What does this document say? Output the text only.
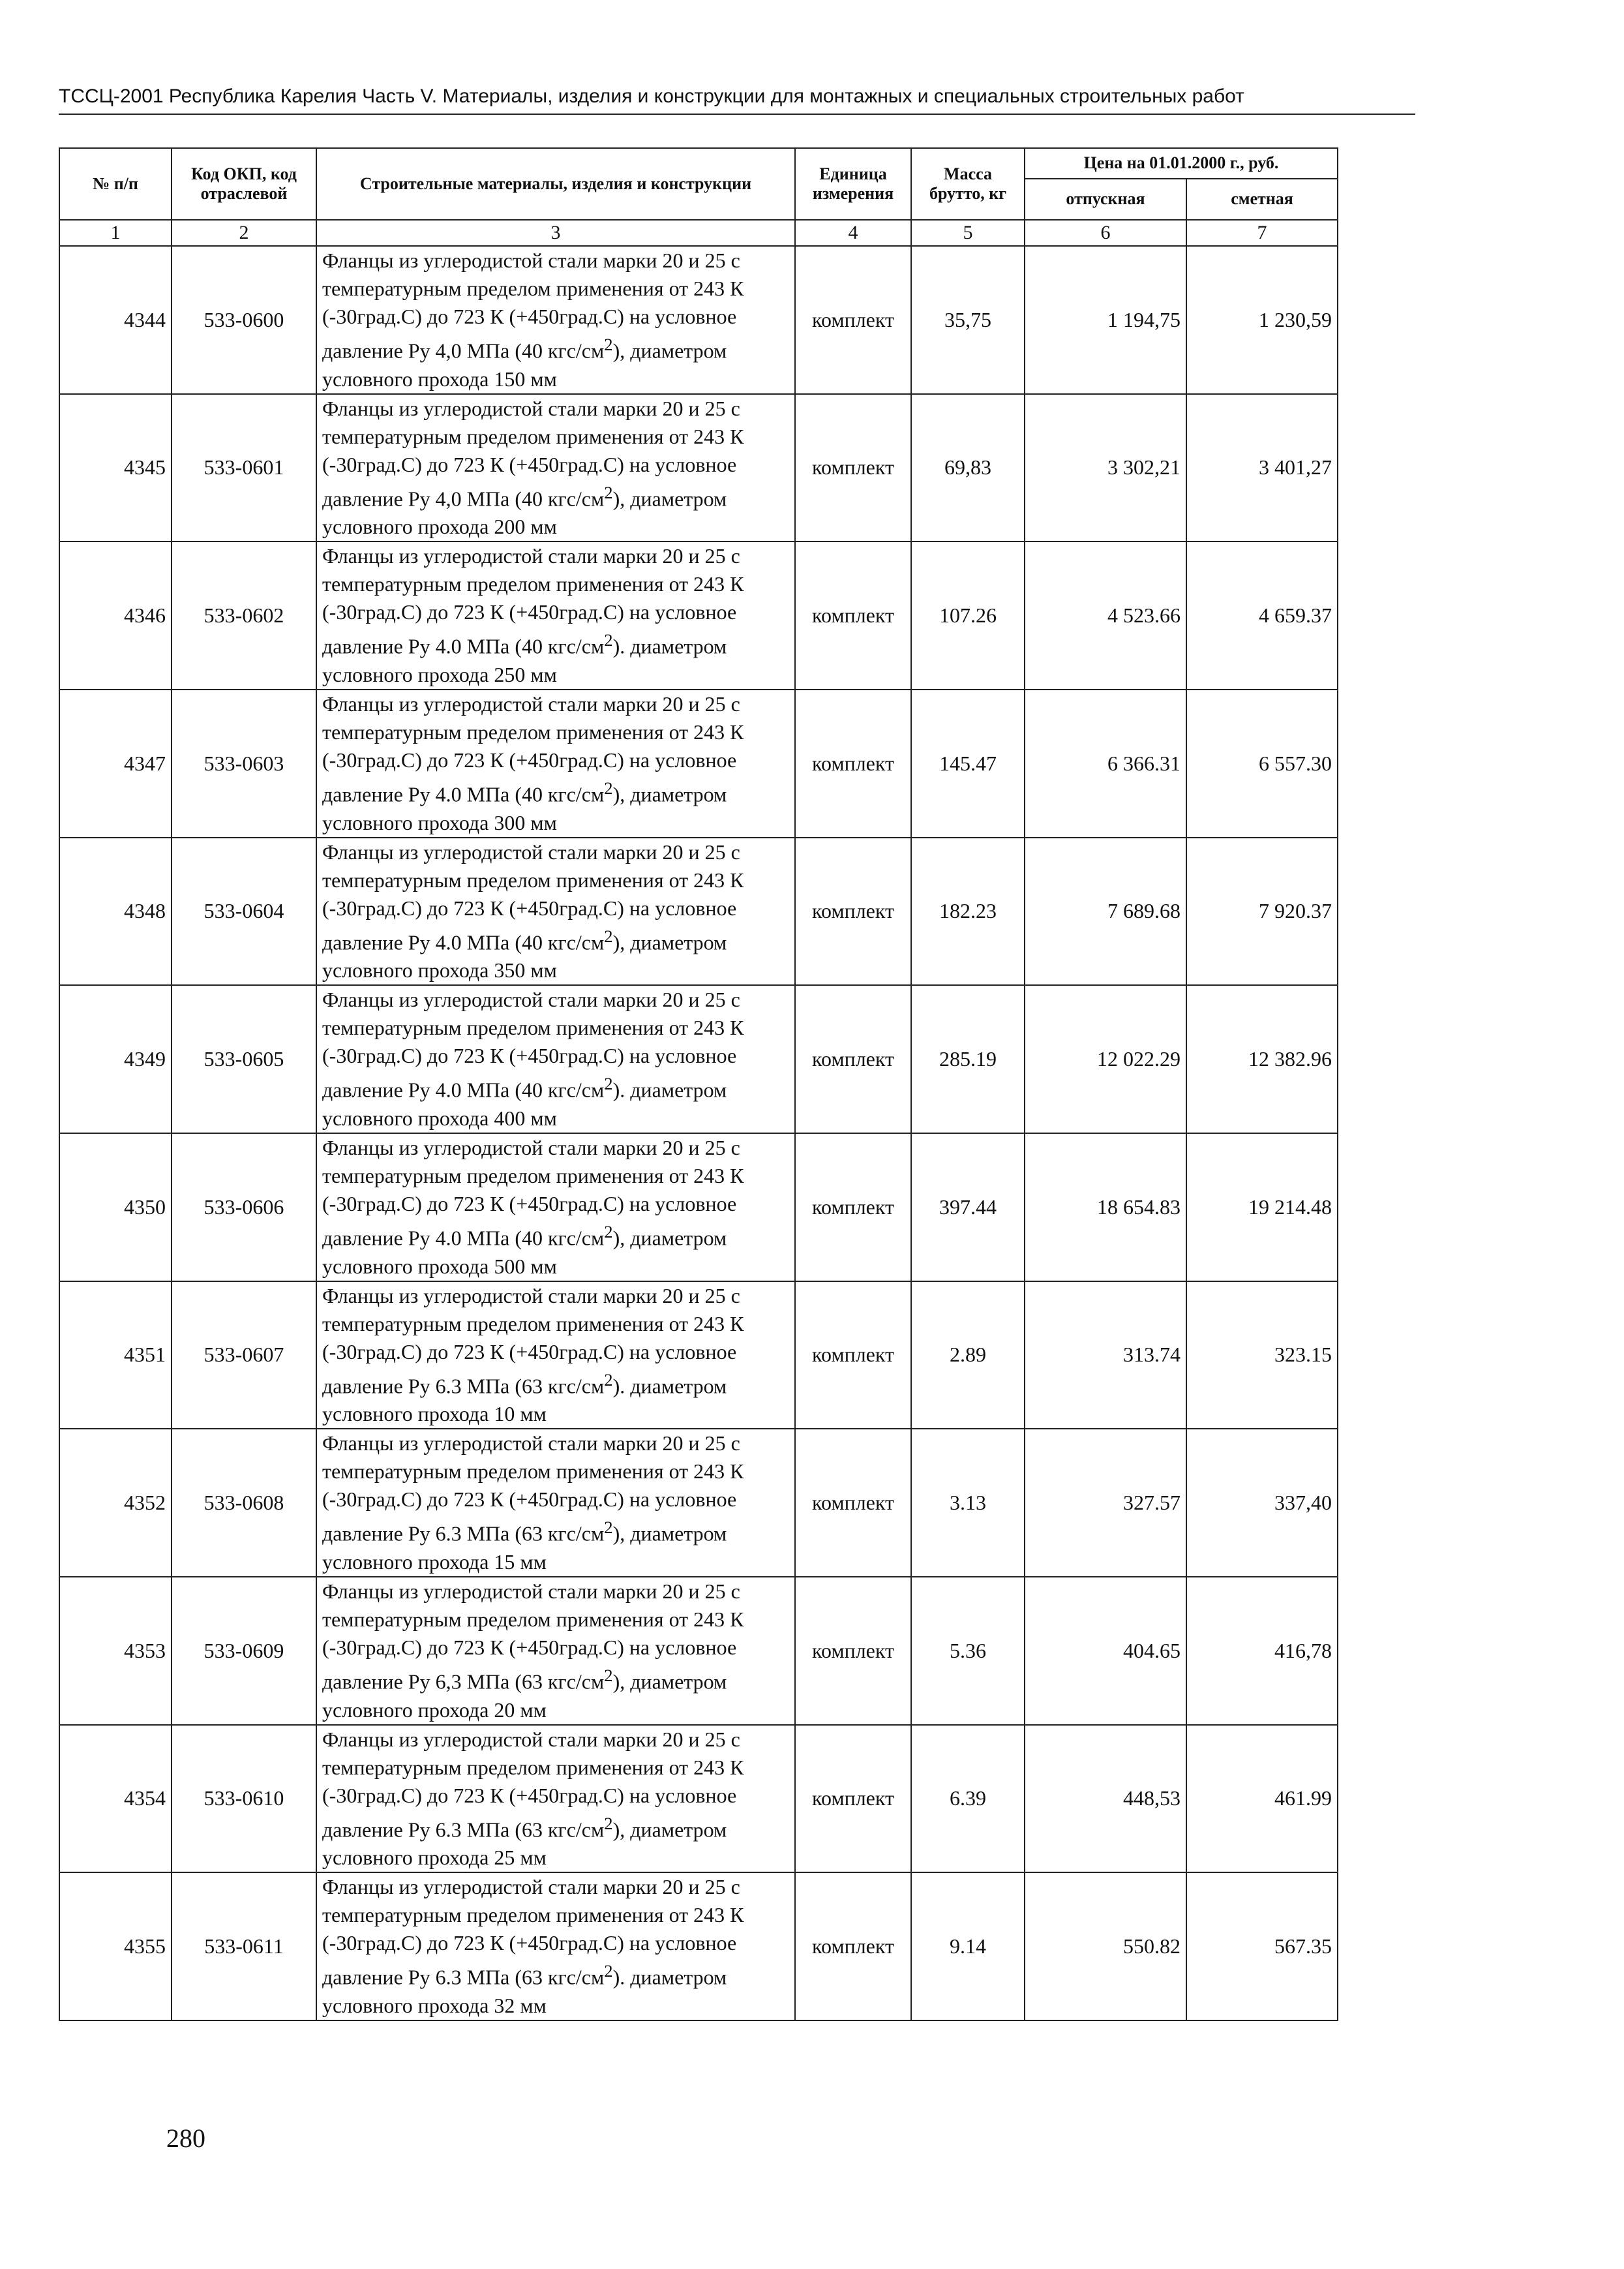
ТССЦ-2001 Республика Карелия Часть V. Материалы, изделия и конструкции для монтажных и специальных строительных работ
№ п/п	Код ОКП, код отраслевой	Строительные материалы, изделия и конструкции	Единица измерения	Масса брутто, кг	Цена на 01.01.2000 г., руб.	
					отпускная	сметная
1	2	3	4	5	6	7
4344	533-0600	Фланцы из углеродистой стали марки 20 и 25 с температурным пределом применения от 243 К (-30град.С) до 723 К (+450град.С) на условное давление Ру 4,0 МПа (40 кгс/$см^2$), диаметром условного прохода 150 мм	комплект	35,75	1 194,75	1 230,59
4345	533-0601	Фланцы из углеродистой стали марки 20 и 25 с температурным пределом применения от 243 К (-30град.С) до 723 К (+450град.С) на условное давление Ру 4,0 МПа (40 кгс/$см^2$), диаметром условного прохода 200 мм	комплект	69,83	3 302,21	3 401,27
4346	533-0602	Фланцы из углеродистой стали марки 20 и 25 с температурным пределом применения от 243 К (-30град.С) до 723 К (+450град.С) на условное давление Ру 4.0 МПа (40 кгс/$см^2$). диаметром условного прохода 250 мм	комплект	107.26	4 523.66	4 659.37
4347	533-0603	Фланцы из углеродистой стали марки 20 и 25 с температурным пределом применения от 243 К (-30град.С) до 723 К (+450град.С) на условное давление Ру 4.0 МПа (40 кгс/$см^2$), диаметром условного прохода 300 мм	комплект	145.47	6 366.31	6 557.30
4348	533-0604	Фланцы из углеродистой стали марки 20 и 25 с температурным пределом применения от 243 К (-30град.С) до 723 К (+450град.С) на условное давление Ру 4.0 МПа (40 кгс/$см^2$), диаметром условного прохода 350 мм	комплект	182.23	7 689.68	7 920.37
4349	533-0605	Фланцы из углеродистой стали марки 20 и 25 с температурным пределом применения от 243 К (-30град.С) до 723 К (+450град.С) на условное давление Ру 4.0 МПа (40 кгс/$см^2$). диаметром условного прохода 400 мм	комплект	285.19	12 022.29	12 382.96
4350	533-0606	Фланцы из углеродистой стали марки 20 и 25 с температурным пределом применения от 243 К (-30град.С) до 723 К (+450град.С) на условное давление Ру 4.0 МПа (40 кгс/$см^2$), диаметром условного прохода 500 мм	комплект	397.44	18 654.83	19 214.48
4351	533-0607	Фланцы из углеродистой стали марки 20 и 25 с температурным пределом применения от 243 К (-30град.С) до 723 К (+450град.С) на условное давление Ру 6.3 МПа (63 кгс/$см^2$). диаметром условного прохода 10 мм	комплект	2.89	313.74	323.15
4352	533-0608	Фланцы из углеродистой стали марки 20 и 25 с температурным пределом применения от 243 К (-30град.С) до 723 К (+450град.С) на условное давление Ру 6.3 МПа (63 кгс/$см^2$), диаметром условного прохода 15 мм	комплект	3.13	327.57	337,40
4353	533-0609	Фланцы из углеродистой стали марки 20 и 25 с температурным пределом применения от 243 К (-30град.С) до 723 К (+450град.С) на условное давление Ру 6,3 МПа (63 кгс/$см^2$), диаметром условного прохода 20 мм	комплект	5.36	404.65	416,78
4354	533-0610	Фланцы из углеродистой стали марки 20 и 25 с температурным пределом применения от 243 К (-30град.С) до 723 К (+450град.С) на условное давление Ру 6.3 МПа (63 кгс/$см^2$), диаметром условного прохода 25 мм	комплект	6.39	448,53	461.99
4355	533-0611	Фланцы из углеродистой стали марки 20 и 25 с температурным пределом применения от 243 К (-30град.С) до 723 К (+450град.С) на условное давление Ру 6.3 МПа (63 кгс/$см^2$). диаметром условного прохода 32 мм	комплект	9.14	550.82	567.35
280
